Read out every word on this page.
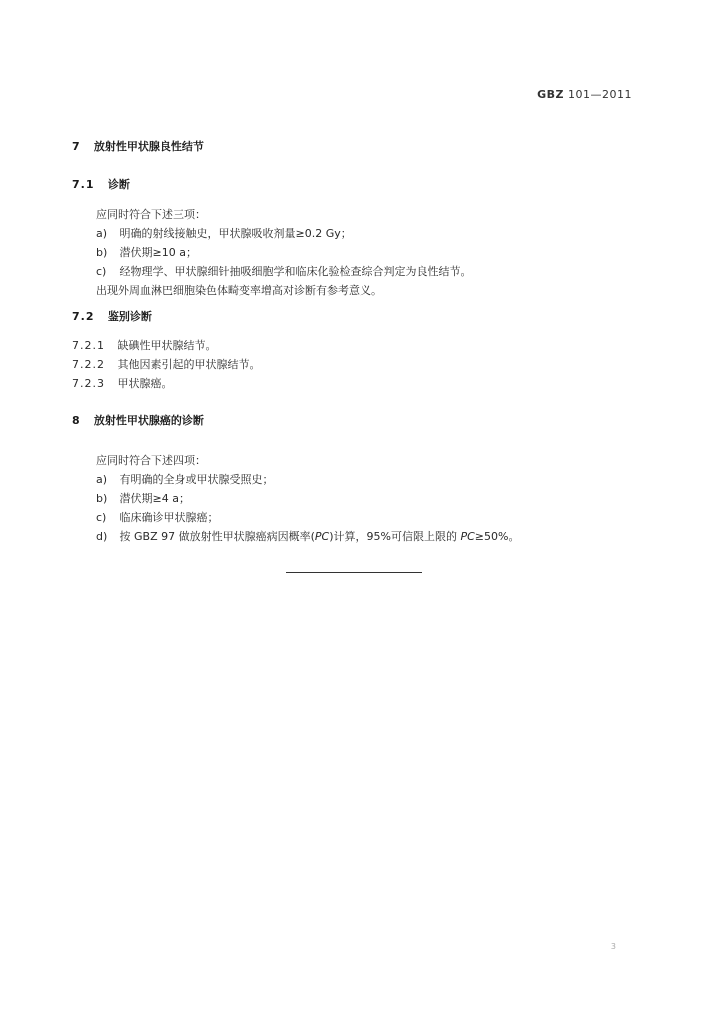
GBZ 101—2011
7 放射性甲状腺良性结节
7.1 诊断
应同时符合下述三项：
a) 明确的射线接触史，甲状腺吸收剂量≥0.2 Gy；
b) 潜伏期≥10 a；
c) 经物理学、甲状腺细针抽吸细胞学和临床化验检查综合判定为良性结节。
出现外周血淋巴细胞染色体畸变率增高对诊断有参考意义。
7.2 鉴别诊断
7.2.1 缺碘性甲状腺结节。
7.2.2 其他因素引起的甲状腺结节。
7.2.3 甲状腺癌。
8 放射性甲状腺癌的诊断
应同时符合下述四项：
a) 有明确的全身或甲状腺受照史；
b) 潜伏期≥4 a；
c) 临床确诊甲状腺癌；
d) 按 GBZ 97 做放射性甲状腺癌病因概率(PC)计算，95%可信限上限的 PC≥50%。
3
